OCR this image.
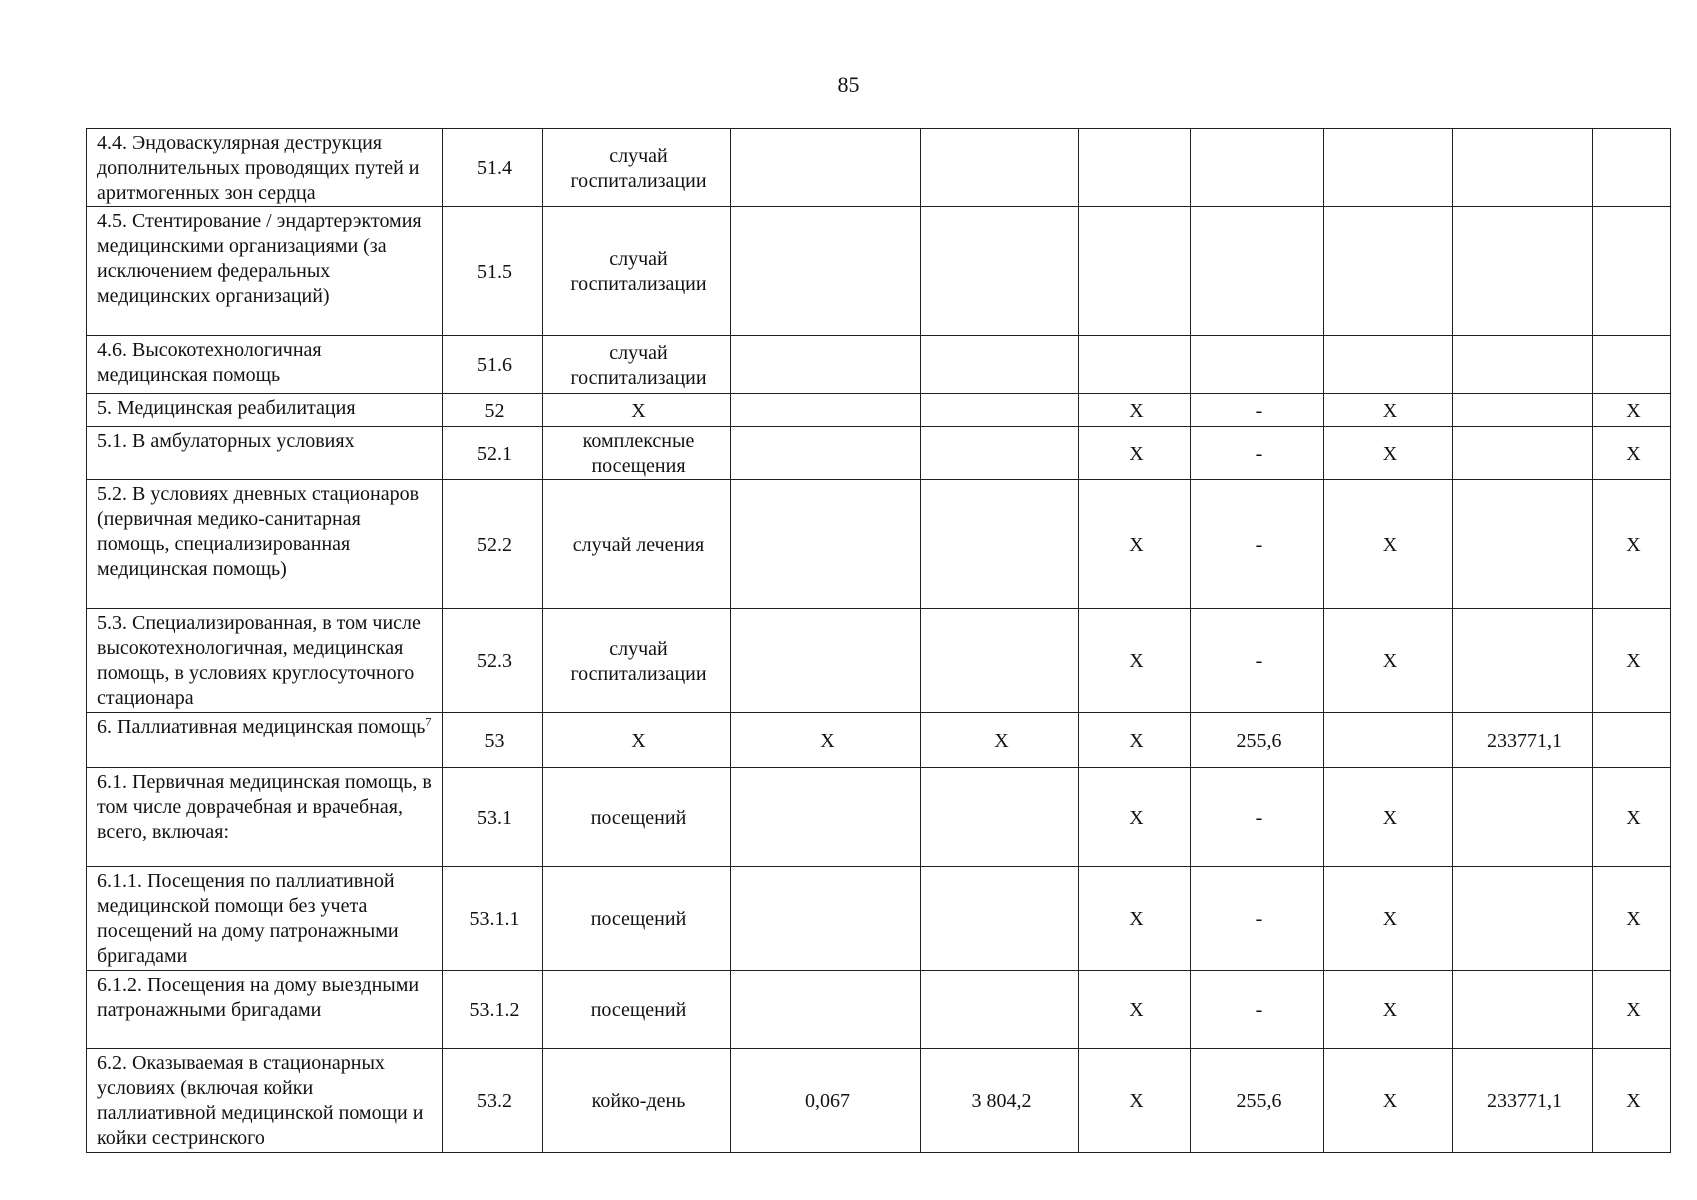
85
4.4. Эндоваскулярная деструкция дополнительных проводящих путей и аритмогенных зон сердца	51.4	случай госпитализации							
4.5. Стентирование / эндартерэктомия медицинскими организациями (за исключением федеральных медицинских организаций)	51.5	случай госпитализации							
4.6. Высокотехнологичная медицинская помощь	51.6	случай госпитализации							
5. Медицинская реабилитация	52	X			X	-	X		X
5.1. В амбулаторных условиях	52.1	комплексные посещения			X	-	X		X
5.2. В условиях дневных стационаров (первичная медико-санитарная помощь, специализированная медицинская помощь)	52.2	случай лечения			X	-	X		X
5.3. Специализированная, в том числе высокотехнологичная, медицинская помощь, в условиях круглосуточного стационара	52.3	случай госпитализации			X	-	X		X
6. Паллиативная медицинская помощь$^7$	53	X	X	X	X	255,6		233771,1	
6.1. Первичная медицинская помощь, в том числе доврачебная и врачебная, всего, включая:	53.1	посещений			X	-	X		X
6.1.1. Посещения по паллиативной медицинской помощи без учета посещений на дому патронажными бригадами	53.1.1	посещений			X	-	X		X
6.1.2. Посещения на дому выездными патронажными бригадами	53.1.2	посещений			X	-	X		X
6.2. Оказываемая в стационарных условиях (включая койки паллиативной медицинской помощи и койки сестринского	53.2	койко-день	0,067	3 804,2	X	255,6	X	233771,1	X
